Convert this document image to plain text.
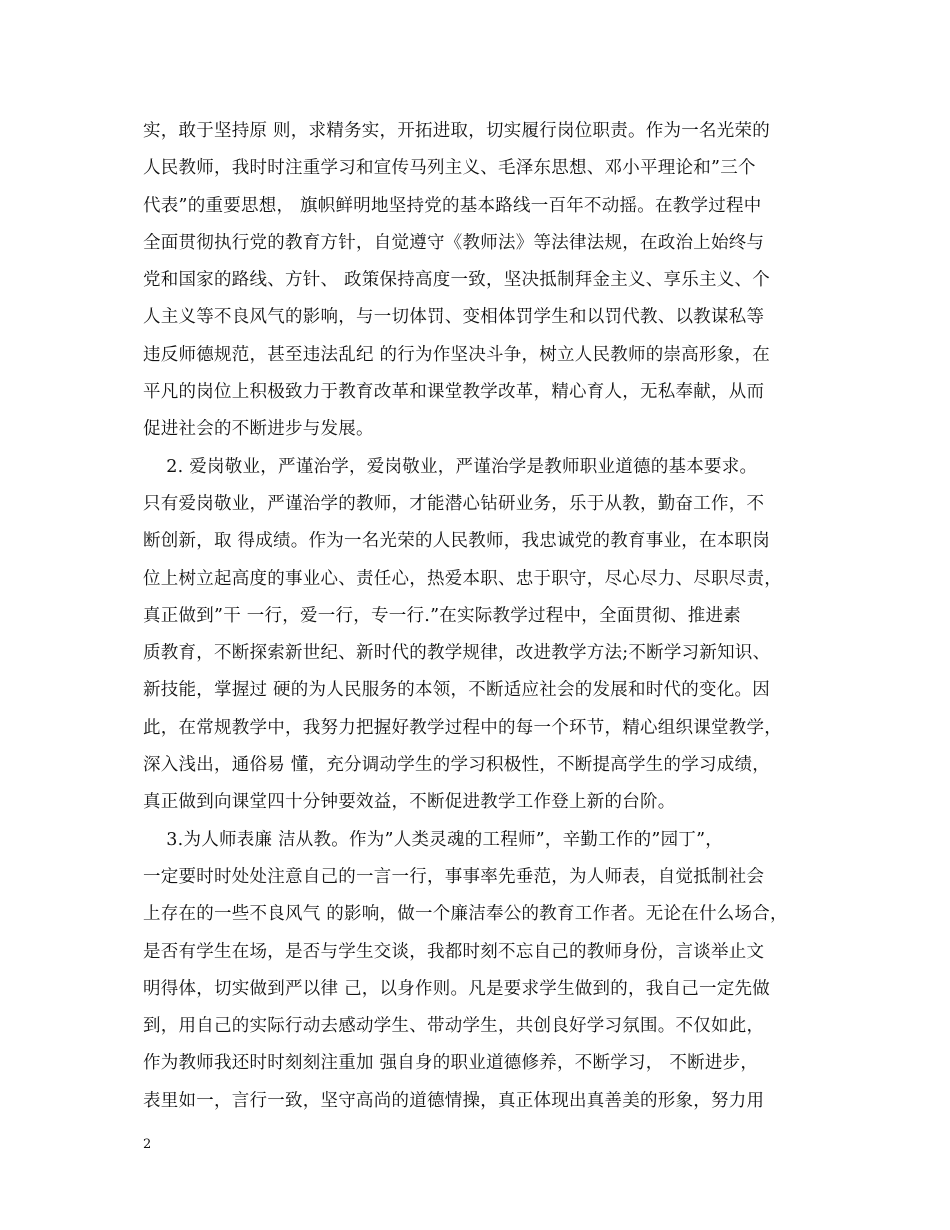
实，敢于坚持原 则，求精务实，开拓进取，切实履行岗位职责。作为一名光荣的
人民教师，我时时注重学习和宣传马列主义、毛泽东思想、邓小平理论和”三个
代表”的重要思想， 旗帜鲜明地坚持党的基本路线一百年不动摇。在教学过程中
全面贯彻执行党的教育方针，自觉遵守《教师法》等法律法规，在政治上始终与
党和国家的路线、方针、 政策保持高度一致，坚决抵制拜金主义、享乐主义、个
人主义等不良风气的影响，与一切体罚、变相体罚学生和以罚代教、以教谋私等
违反师德规范，甚至违法乱纪 的行为作坚决斗争，树立人民教师的崇高形象，在
平凡的岗位上积极致力于教育改革和课堂教学改革，精心育人，无私奉献，从而
促进社会的不断进步与发展。
2. 爱岗敬业，严谨治学，爱岗敬业，严谨治学是教师职业道德的基本要求。
只有爱岗敬业，严谨治学的教师，才能潜心钻研业务，乐于从教，勤奋工作，不
断创新，取 得成绩。作为一名光荣的人民教师，我忠诚党的教育事业，在本职岗
位上树立起高度的事业心、责任心，热爱本职、忠于职守，尽心尽力、尽职尽责，
真正做到”干 一行，爱一行，专一行.”在实际教学过程中，全面贯彻、推进素
质教育，不断探索新世纪、新时代的教学规律，改进教学方法;不断学习新知识、
新技能，掌握过 硬的为人民服务的本领，不断适应社会的发展和时代的变化。因
此，在常规教学中，我努力把握好教学过程中的每一个环节，精心组织课堂教学，
深入浅出，通俗易 懂，充分调动学生的学习积极性，不断提高学生的学习成绩，
真正做到向课堂四十分钟要效益，不断促进教学工作登上新的台阶。
3.为人师表廉 洁从教。作为”人类灵魂的工程师”，辛勤工作的”园丁”，
一定要时时处处注意自己的一言一行，事事率先垂范，为人师表，自觉抵制社会
上存在的一些不良风气 的影响，做一个廉洁奉公的教育工作者。无论在什么场合，
是否有学生在场，是否与学生交谈，我都时刻不忘自己的教师身份，言谈举止文
明得体，切实做到严以律 己，以身作则。凡是要求学生做到的，我自己一定先做
到，用自己的实际行动去感动学生、带动学生，共创良好学习氛围。不仅如此，
作为教师我还时时刻刻注重加 强自身的职业道德修养，不断学习， 不断进步，
表里如一，言行一致，坚守高尚的道德情操，真正体现出真善美的形象，努力用
2
